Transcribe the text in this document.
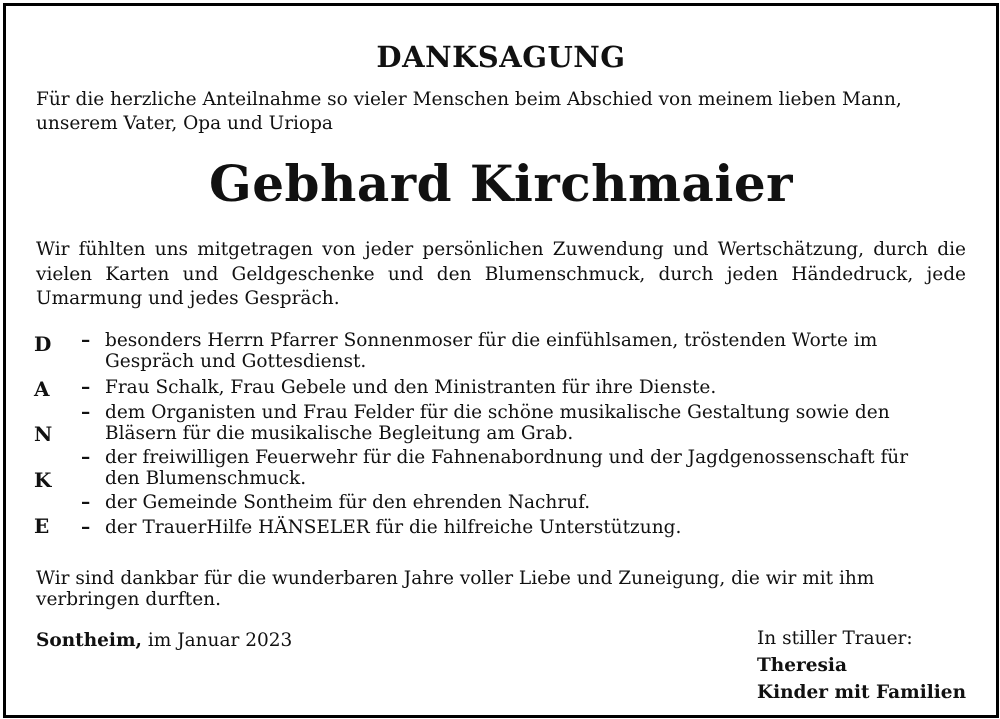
DANKSAGUNG
Für die herzliche Anteilnahme so vieler Menschen beim Abschied von meinem lieben Mann, unserem Vater, Opa und Uriopa
Gebhard Kirchmaier
Wir fühlten uns mitgetragen von jeder persönlichen Zuwendung und Wertschätzung, durch die vielen Karten und Geldgeschenke und den Blumenschmuck, durch jeden Händedruck, jede Umarmung und jedes Gespräch.
D
A
N
K
E
– besonders Herrn Pfarrer Sonnenmoser für die einfühlsamen, tröstenden Worte im Gespräch und Gottesdienst.
– Frau Schalk, Frau Gebele und den Ministranten für ihre Dienste.
– dem Organisten und Frau Felder für die schöne musikalische Gestaltung sowie den Bläsern für die musikalische Begleitung am Grab.
– der freiwilligen Feuerwehr für die Fahnenabordnung und der Jagdgenossenschaft für den Blumenschmuck.
– der Gemeinde Sontheim für den ehrenden Nachruf.
– der TrauerHilfe HÄNSELER für die hilfreiche Unterstützung.
Wir sind dankbar für die wunderbaren Jahre voller Liebe und Zuneigung, die wir mit ihm verbringen durften.
Sontheim, im Januar 2023	In stiller Trauer:
Theresia
Kinder mit Familien
